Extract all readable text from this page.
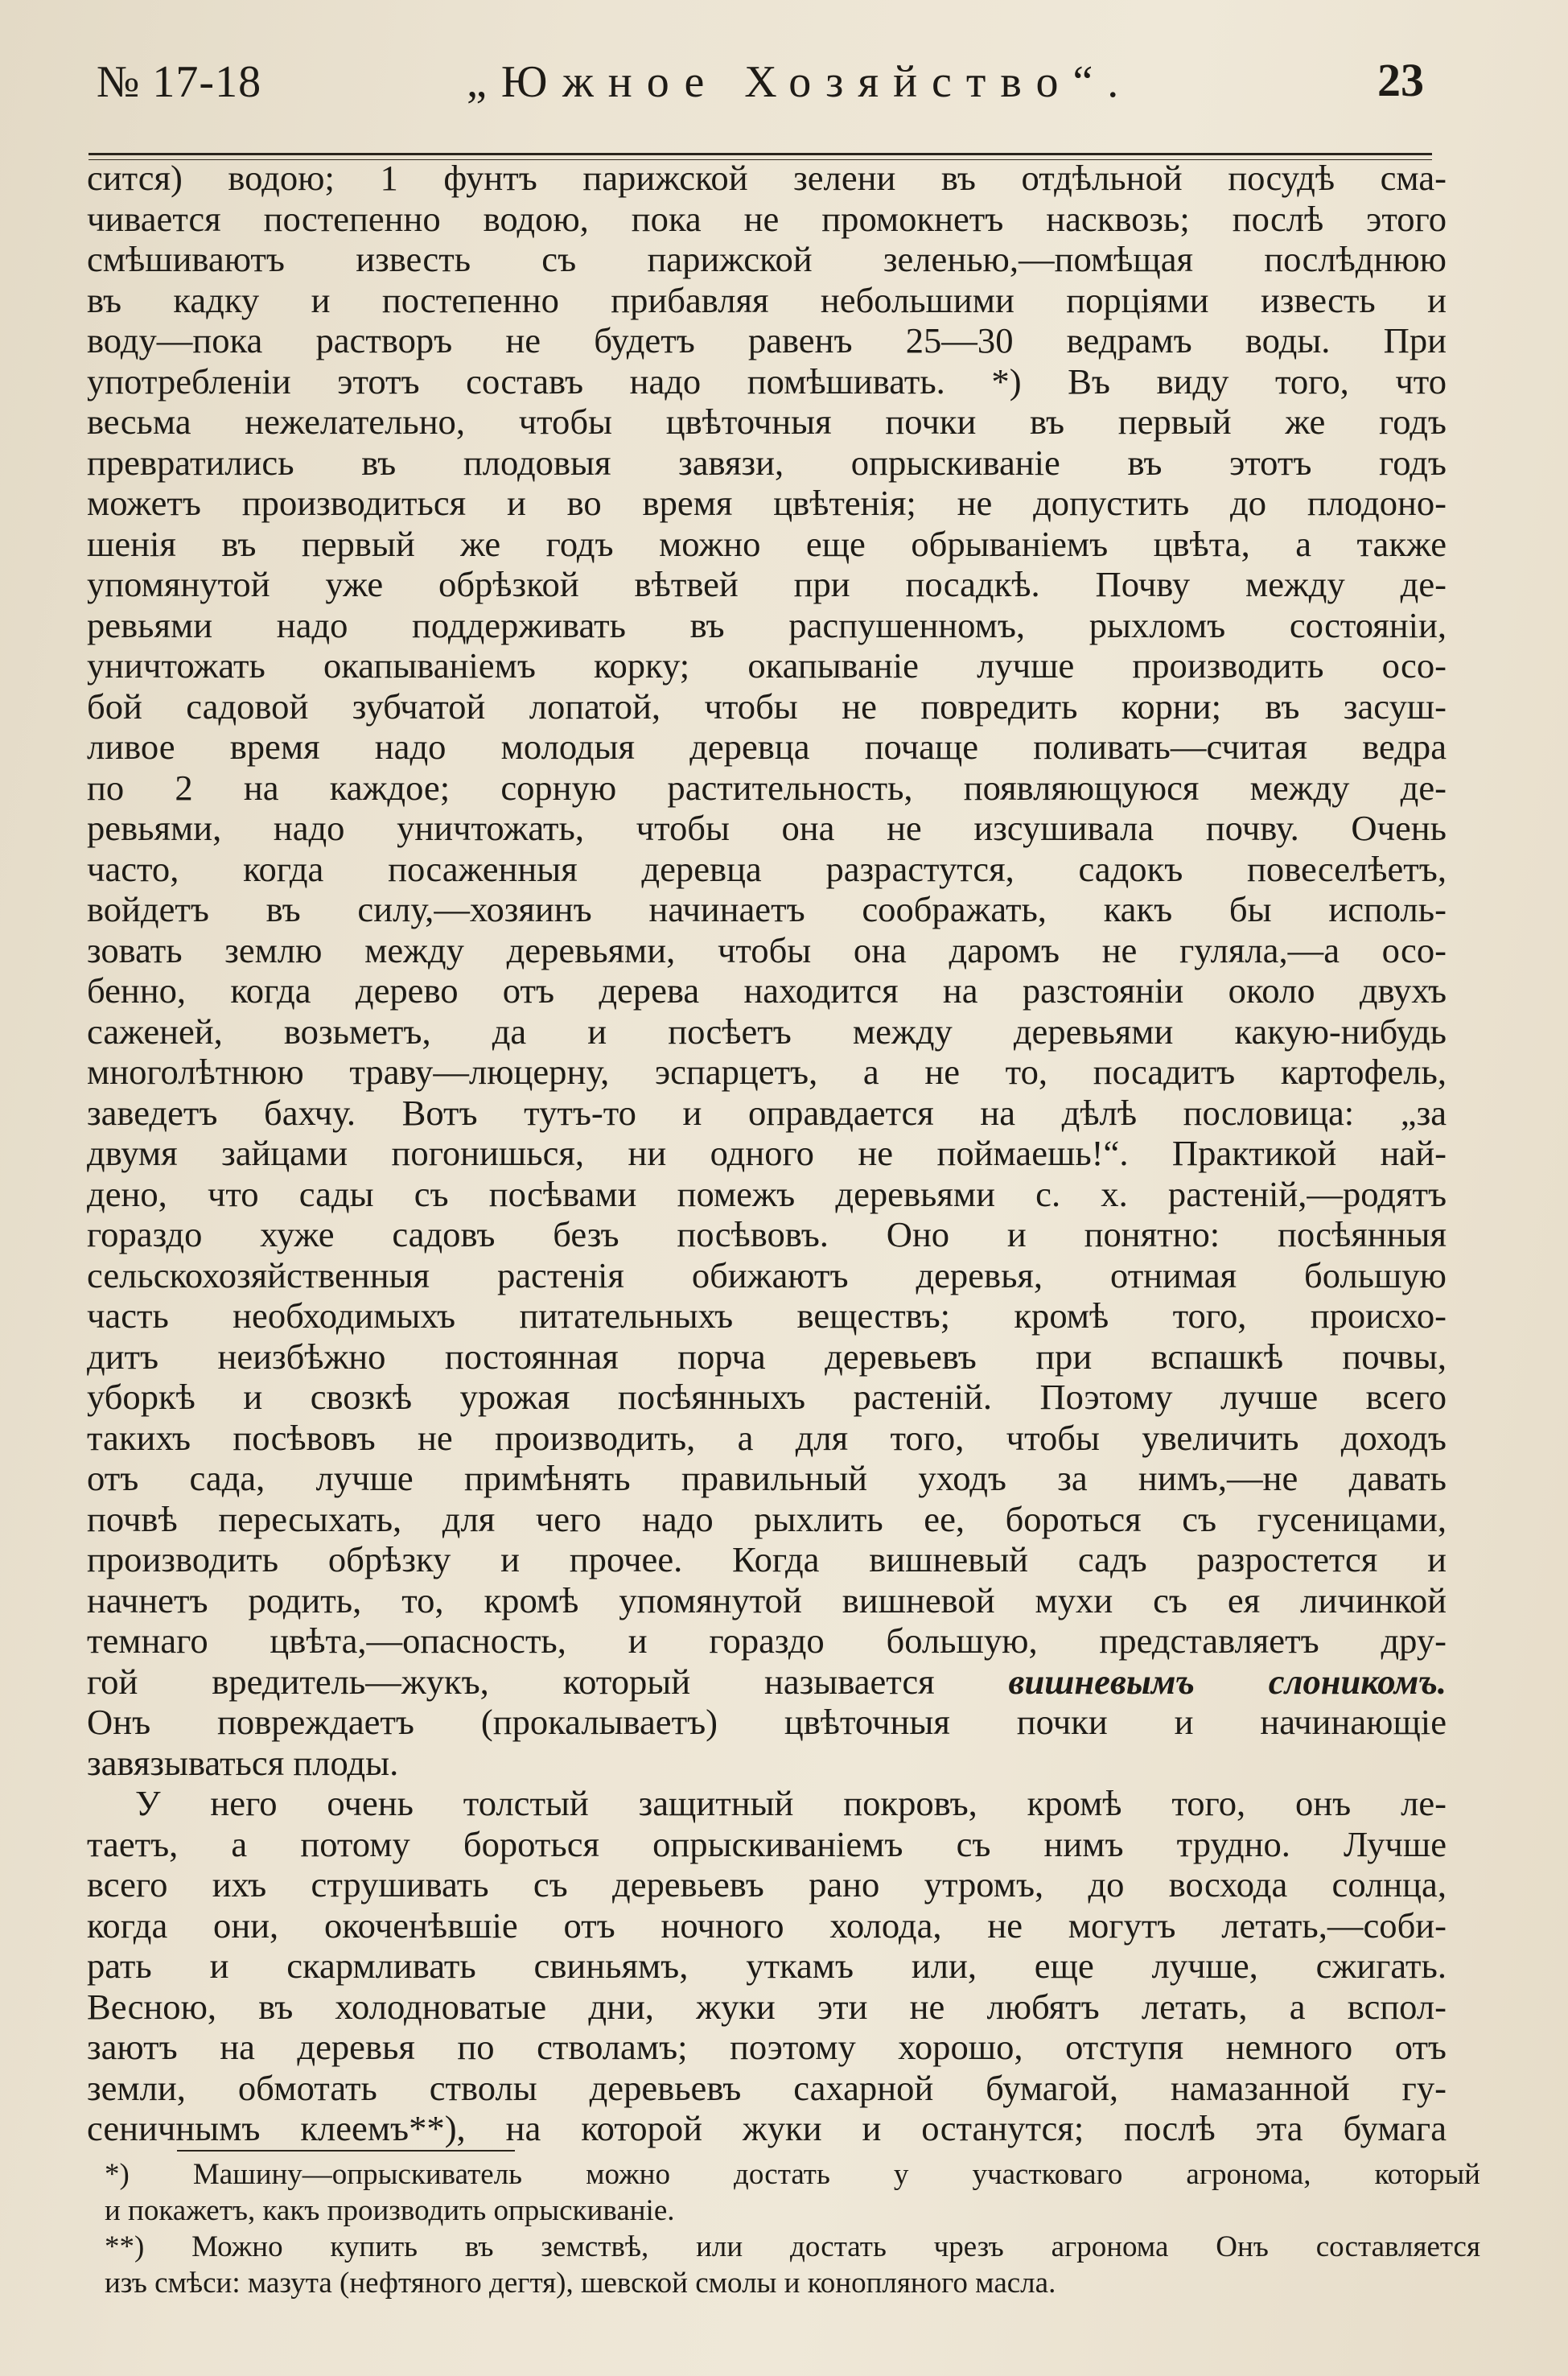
№ 17-18	„Южное Хозяйство“.	23
сится) водою; 1 фунтъ парижской зелени въ отдѣльной посудѣ сма-
чивается постепенно водою, пока не промокнетъ насквозь; послѣ этого
смѣшиваютъ известь съ парижской зеленью,—помѣщая послѣднюю
въ кадку и постепенно прибавляя небольшими порціями известь и
воду—пока растворъ не будетъ равенъ 25—30 ведрамъ воды. При
употребленіи этотъ составъ надо помѣшивать. *) Въ виду того, что
весьма нежелательно, чтобы цвѣточныя почки въ первый же годъ
превратились въ плодовыя завязи, опрыскиваніе въ этотъ годъ
можетъ производиться и во время цвѣтенія; не допустить до плодоно-
шенія въ первый же годъ можно еще обрываніемъ цвѣта, а также
упомянутой уже обрѣзкой вѣтвей при посадкѣ. Почву между де-
ревьями надо поддерживать въ распушенномъ, рыхломъ состояніи,
уничтожать окапываніемъ корку; окапываніе лучше производить осо-
бой садовой зубчатой лопатой, чтобы не повредить корни; въ засуш-
ливое время надо молодыя деревца почаще поливать—считая ведра
по 2 на каждое; сорную растительность, появляющуюся между де-
ревьями, надо уничтожать, чтобы она не изсушивала почву. Очень
часто, когда посаженныя деревца разрастутся, садокъ повеселѣетъ,
войдетъ въ силу,—хозяинъ начинаетъ соображать, какъ бы исполь-
зовать землю между деревьями, чтобы она даромъ не гуляла,—а осо-
бенно, когда дерево отъ дерева находится на разстояніи около двухъ
саженей, возьметъ, да и посѣетъ между деревьями какую-нибудь
многолѣтнюю траву—люцерну, эспарцетъ, а не то, посадитъ картофель,
заведетъ бахчу. Вотъ тутъ-то и оправдается на дѣлѣ пословица: „за
двумя зайцами погонишься, ни одного не поймаешь!“. Практикой най-
дено, что сады съ посѣвами помежъ деревьями с. х. растеній,—родятъ
гораздо хуже садовъ безъ посѣвовъ. Оно и понятно: посѣянныя
сельскохозяйственныя растенія обижаютъ деревья, отнимая большую
часть необходимыхъ питательныхъ веществъ; кромѣ того, происхо-
дитъ неизбѣжно постоянная порча деревьевъ при вспашкѣ почвы,
уборкѣ и свозкѣ урожая посѣянныхъ растеній. Поэтому лучше всего
такихъ посѣвовъ не производить, а для того, чтобы увеличить доходъ
отъ сада, лучше примѣнять правильный уходъ за нимъ,—не давать
почвѣ пересыхать, для чего надо рыхлить ее, бороться съ гусеницами,
производить обрѣзку и прочее. Когда вишневый садъ разростется и
начнетъ родить, то, кромѣ упомянутой вишневой мухи съ ея личинкой
темнаго цвѣта,—опасность, и гораздо большую, представляетъ дру-
гой вредитель—жукъ, который называется вишневымъ слоникомъ.
Онъ повреждаетъ (прокалываетъ) цвѣточныя почки и начинающіе
завязываться плоды.
У него очень толстый защитный покровъ, кромѣ того, онъ ле-
таетъ, а потому бороться опрыскиваніемъ съ нимъ трудно. Лучше
всего ихъ струшивать съ деревьевъ рано утромъ, до восхода солнца,
когда они, окоченѣвшіе отъ ночного холода, не могутъ летать,—соби-
рать и скармливать свиньямъ, уткамъ или, еще лучше, сжигать.
Весною, въ холодноватые дни, жуки эти не любятъ летать, а вспол-
заютъ на деревья по стволамъ; поэтому хорошо, отступя немного отъ
земли, обмотать стволы деревьевъ сахарной бумагой, намазанной гу-
сеничнымъ клеемъ**), на которой жуки и останутся; послѣ эта бумага
*) Машину—опрыскиватель можно достать у участковаго агронома, который
и покажетъ, какъ производить опрыскиваніе.
**) Можно купить въ земствѣ, или достать чрезъ агронома Онъ составляется
изъ смѣси: мазута (нефтяного дегтя), шевской смолы и конопляного масла.
